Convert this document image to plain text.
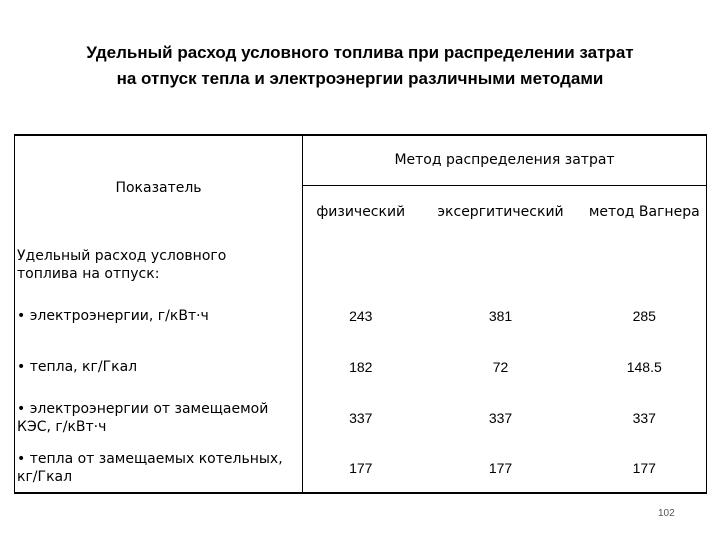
Удельный расход условного топлива при распределении затрат
на отпуск тепла и электроэнергии различными методами
Показатель	Метод распределения затрат		
	физический	эксергитический	метод Вагнера

Удельный расход условного
топлива на отпуск:			

• электроэнергии, г/кВт·ч	243	381	285

• тепла, кг/Гкал	182	72	148.5

• электроэнергии от замещаемой
КЭС, г/кВт·ч	337	337	337

• тепла от замещаемых котельных,
кг/Гкал	177	177	177
102
